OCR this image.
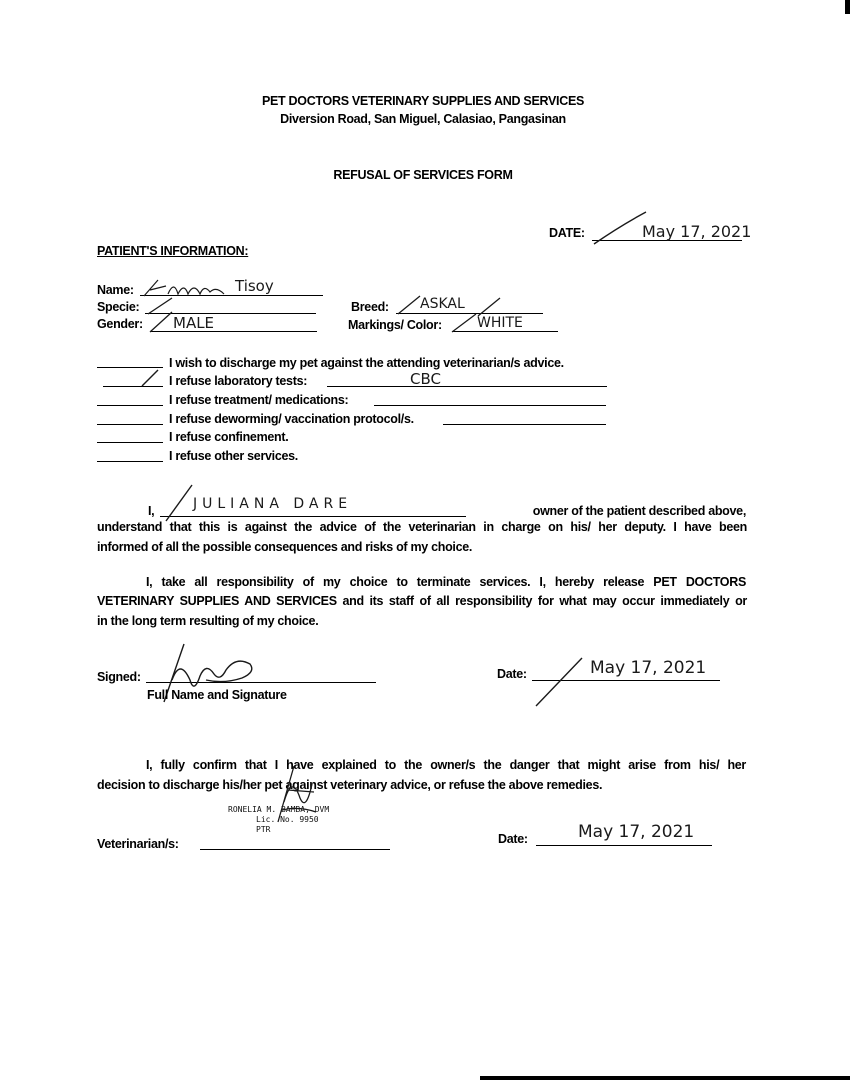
PET DOCTORS VETERINARY SUPPLIES AND SERVICES
Diversion Road, San Miguel, Calasiao, Pangasinan
REFUSAL OF SERVICES FORM
DATE:	May 17, 2021
PATIENT'S INFORMATION:
Name:	Tisoy
Specie:
Gender: MALE
Breed: ASKAL
Markings/ Color:	WHITE
I wish to discharge my pet against the attending veterinarian/s advice.
I refuse laboratory tests:	CBC
I refuse treatment/ medications:
I refuse deworming/ vaccination protocol/s.
I refuse confinement.
I refuse other services.
I,	JULIANA DARE	owner of the patient described above,
understand that this is against the advice of the veterinarian in charge on his/ her deputy. I have been
informed of all the possible consequences and risks of my choice.
I, take all responsibility of my choice to terminate services. I, hereby release PET DOCTORS
VETERINARY SUPPLIES AND SERVICES and its staff of all responsibility for what may occur immediately or
in the long term resulting of my choice.
Signed:
Full Name and Signature
Date:	May 17, 2021
I, fully confirm that I have explained to the owner/s the danger that might arise from his/ her
decision to discharge his/her pet against veterinary advice, or refuse the above remedies.
RONELIA M. BAMBA, DVM
Lic. No. 9950
PTR
Veterinarian/s:	Date:	May 17, 2021
